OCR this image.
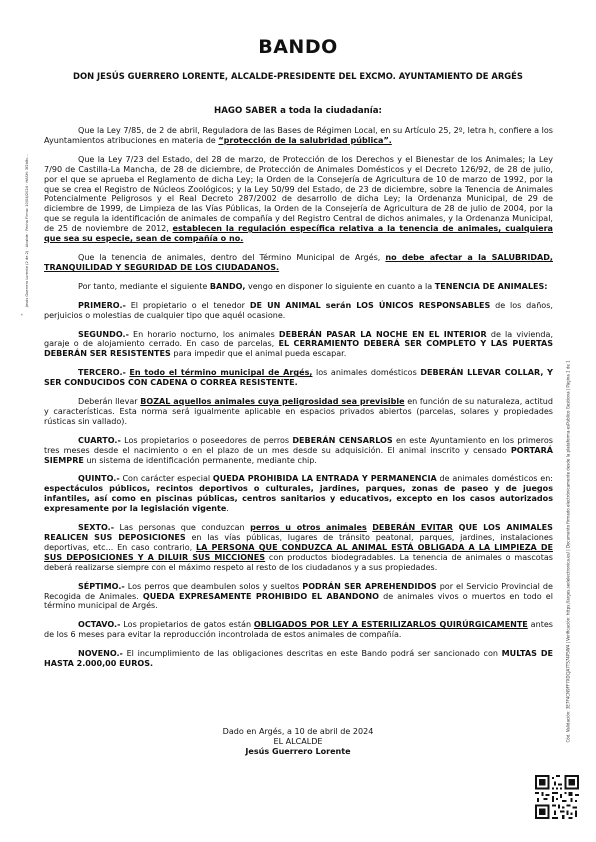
BANDO
DON JESÚS GUERRERO LORENTE, ALCALDE-PRESIDENTE DEL EXCMO. AYUNTAMIENTO DE ARGÉS
HAGO SABER a toda la ciudadanía:

Que la Ley 7/85, de 2 de abril, Reguladora de las Bases de Régimen Local, en su Artículo 25, 2º, letra h, confiere a los Ayuntamientos atribuciones en materia de “protección de la salubridad pública”.

Que la Ley 7/23 del Estado, del 28 de marzo, de Protección de los Derechos y el Bienestar de los Animales; la Ley 7/90 de Castilla-La Mancha, de 28 de diciembre, de Protección de Animales Domésticos y el Decreto 126/92, de 28 de julio, por el que se aprueba el Reglamento de dicha Ley; la Orden de la Consejería de Agricultura de 10 de marzo de 1992, por la que se crea el Registro de Núcleos Zoológicos; y la Ley 50/99 del Estado, de 23 de diciembre, sobre la Tenencia de Animales Potencialmente Peligrosos y el Real Decreto 287/2002 de desarrollo de dicha Ley; la Ordenanza Municipal, de 29 de diciembre de 1999, de Limpieza de las Vías Públicas, la Orden de la Consejería de Agricultura de 28 de julio de 2004, por la que se regula la identificación de animales de compañía y del Registro Central de dichos animales, y la Ordenanza Municipal, de 25 de noviembre de 2012, establecen la regulación específica relativa a la tenencia de animales, cualquiera que sea su especie, sean de compañía o no.

Que la tenencia de animales, dentro del Término Municipal de Argés, no debe afectar a la SALUBRIDAD, TRANQUILIDAD Y SEGURIDAD DE LOS CIUDADANOS.

Por tanto, mediante el siguiente BANDO, vengo en disponer lo siguiente en cuanto a la TENENCIA DE ANIMALES:

PRIMERO.- El propietario o el tenedor DE UN ANIMAL serán LOS ÚNICOS RESPONSABLES de los daños, perjuicios o molestias de cualquier tipo que aquél ocasione.

SEGUNDO.- En horario nocturno, los animales DEBERÁN PASAR LA NOCHE EN EL INTERIOR de la vivienda, garaje o de alojamiento cerrado. En caso de parcelas, EL CERRAMIENTO DEBERÁ SER COMPLETO Y LAS PUERTAS DEBERÁN SER RESISTENTES para impedir que el animal pueda escapar.

TERCERO.- En todo el término municipal de Argés, los animales domésticos DEBERÁN LLEVAR COLLAR, Y SER CONDUCIDOS CON CADENA O CORREA RESISTENTE.

Deberán llevar BOZAL aquellos animales cuya peligrosidad sea previsible en función de su naturaleza, actitud y características. Esta norma será igualmente aplicable en espacios privados abiertos (parcelas, solares y propiedades rústicas sin vallado).

CUARTO.- Los propietarios o poseedores de perros DEBERÁN CENSARLOS en este Ayuntamiento en los primeros tres meses desde el nacimiento o en el plazo de un mes desde su adquisición. El animal inscrito y censado PORTARÁ SIEMPRE un sistema de identificación permanente, mediante chip.

QUINTO.- Con carácter especial QUEDA PROHIBIDA LA ENTRADA Y PERMANENCIA de animales domésticos en: espectáculos públicos, recintos deportivos o culturales, jardines, parques, zonas de paseo y de juegos infantiles, así como en piscinas públicas, centros sanitarios y educativos, excepto en los casos autorizados expresamente por la legislación vigente.

SEXTO.- Las personas que conduzcan perros u otros animales DEBERÁN EVITAR QUE LOS ANIMALES REALICEN SUS DEPOSICIONES en las vías públicas, lugares de tránsito peatonal, parques, jardines, instalaciones deportivas, etc... En caso contrario, LA PERSONA QUE CONDUZCA AL ANIMAL ESTÁ OBLIGADA A LA LIMPIEZA DE SUS DEPOSICIONES Y A DILUIR SUS MICCIONES con productos biodegradables. La tenencia de animales o mascotas deberá realizarse siempre con el máximo respeto al resto de los ciudadanos y a sus propiedades.

SÉPTIMO.- Los perros que deambulen solos y sueltos PODRÁN SER APREHENDIDOS por el Servicio Provincial de Recogida de Animales. QUEDA EXPRESAMENTE PROHIBIDO EL ABANDONO de animales vivos o muertos en todo el término municipal de Argés.

OCTAVO.- Los propietarios de gatos están OBLIGADOS POR LEY A ESTERILIZARLOS QUIRÚRGICAMENTE antes de los 6 meses para evitar la reproducción incontrolada de estos animales de compañía.

NOVENO.- El incumplimiento de las obligaciones descritas en este Bando podrá ser sancionado con MULTAS DE HASTA 2.000,00 EUROS.

Dado en Argés, a 10 de abril de 2024
EL ALCALDE
Jesús Guerrero Lorente
Jesús Guerrero Lorente (2 de 2) · Alcalde · Fecha Firma: 10/04/2024 · HASH: 3f2b8c…
•
Cód. Validación: 3E7F4CN9FF7XDCJA7TS74P5W4 | Verificación: https://arges.sedelectronica.es/ | Documento firmado electrónicamente desde la plataforma esPublico Gestiona | Página 1 de 1
